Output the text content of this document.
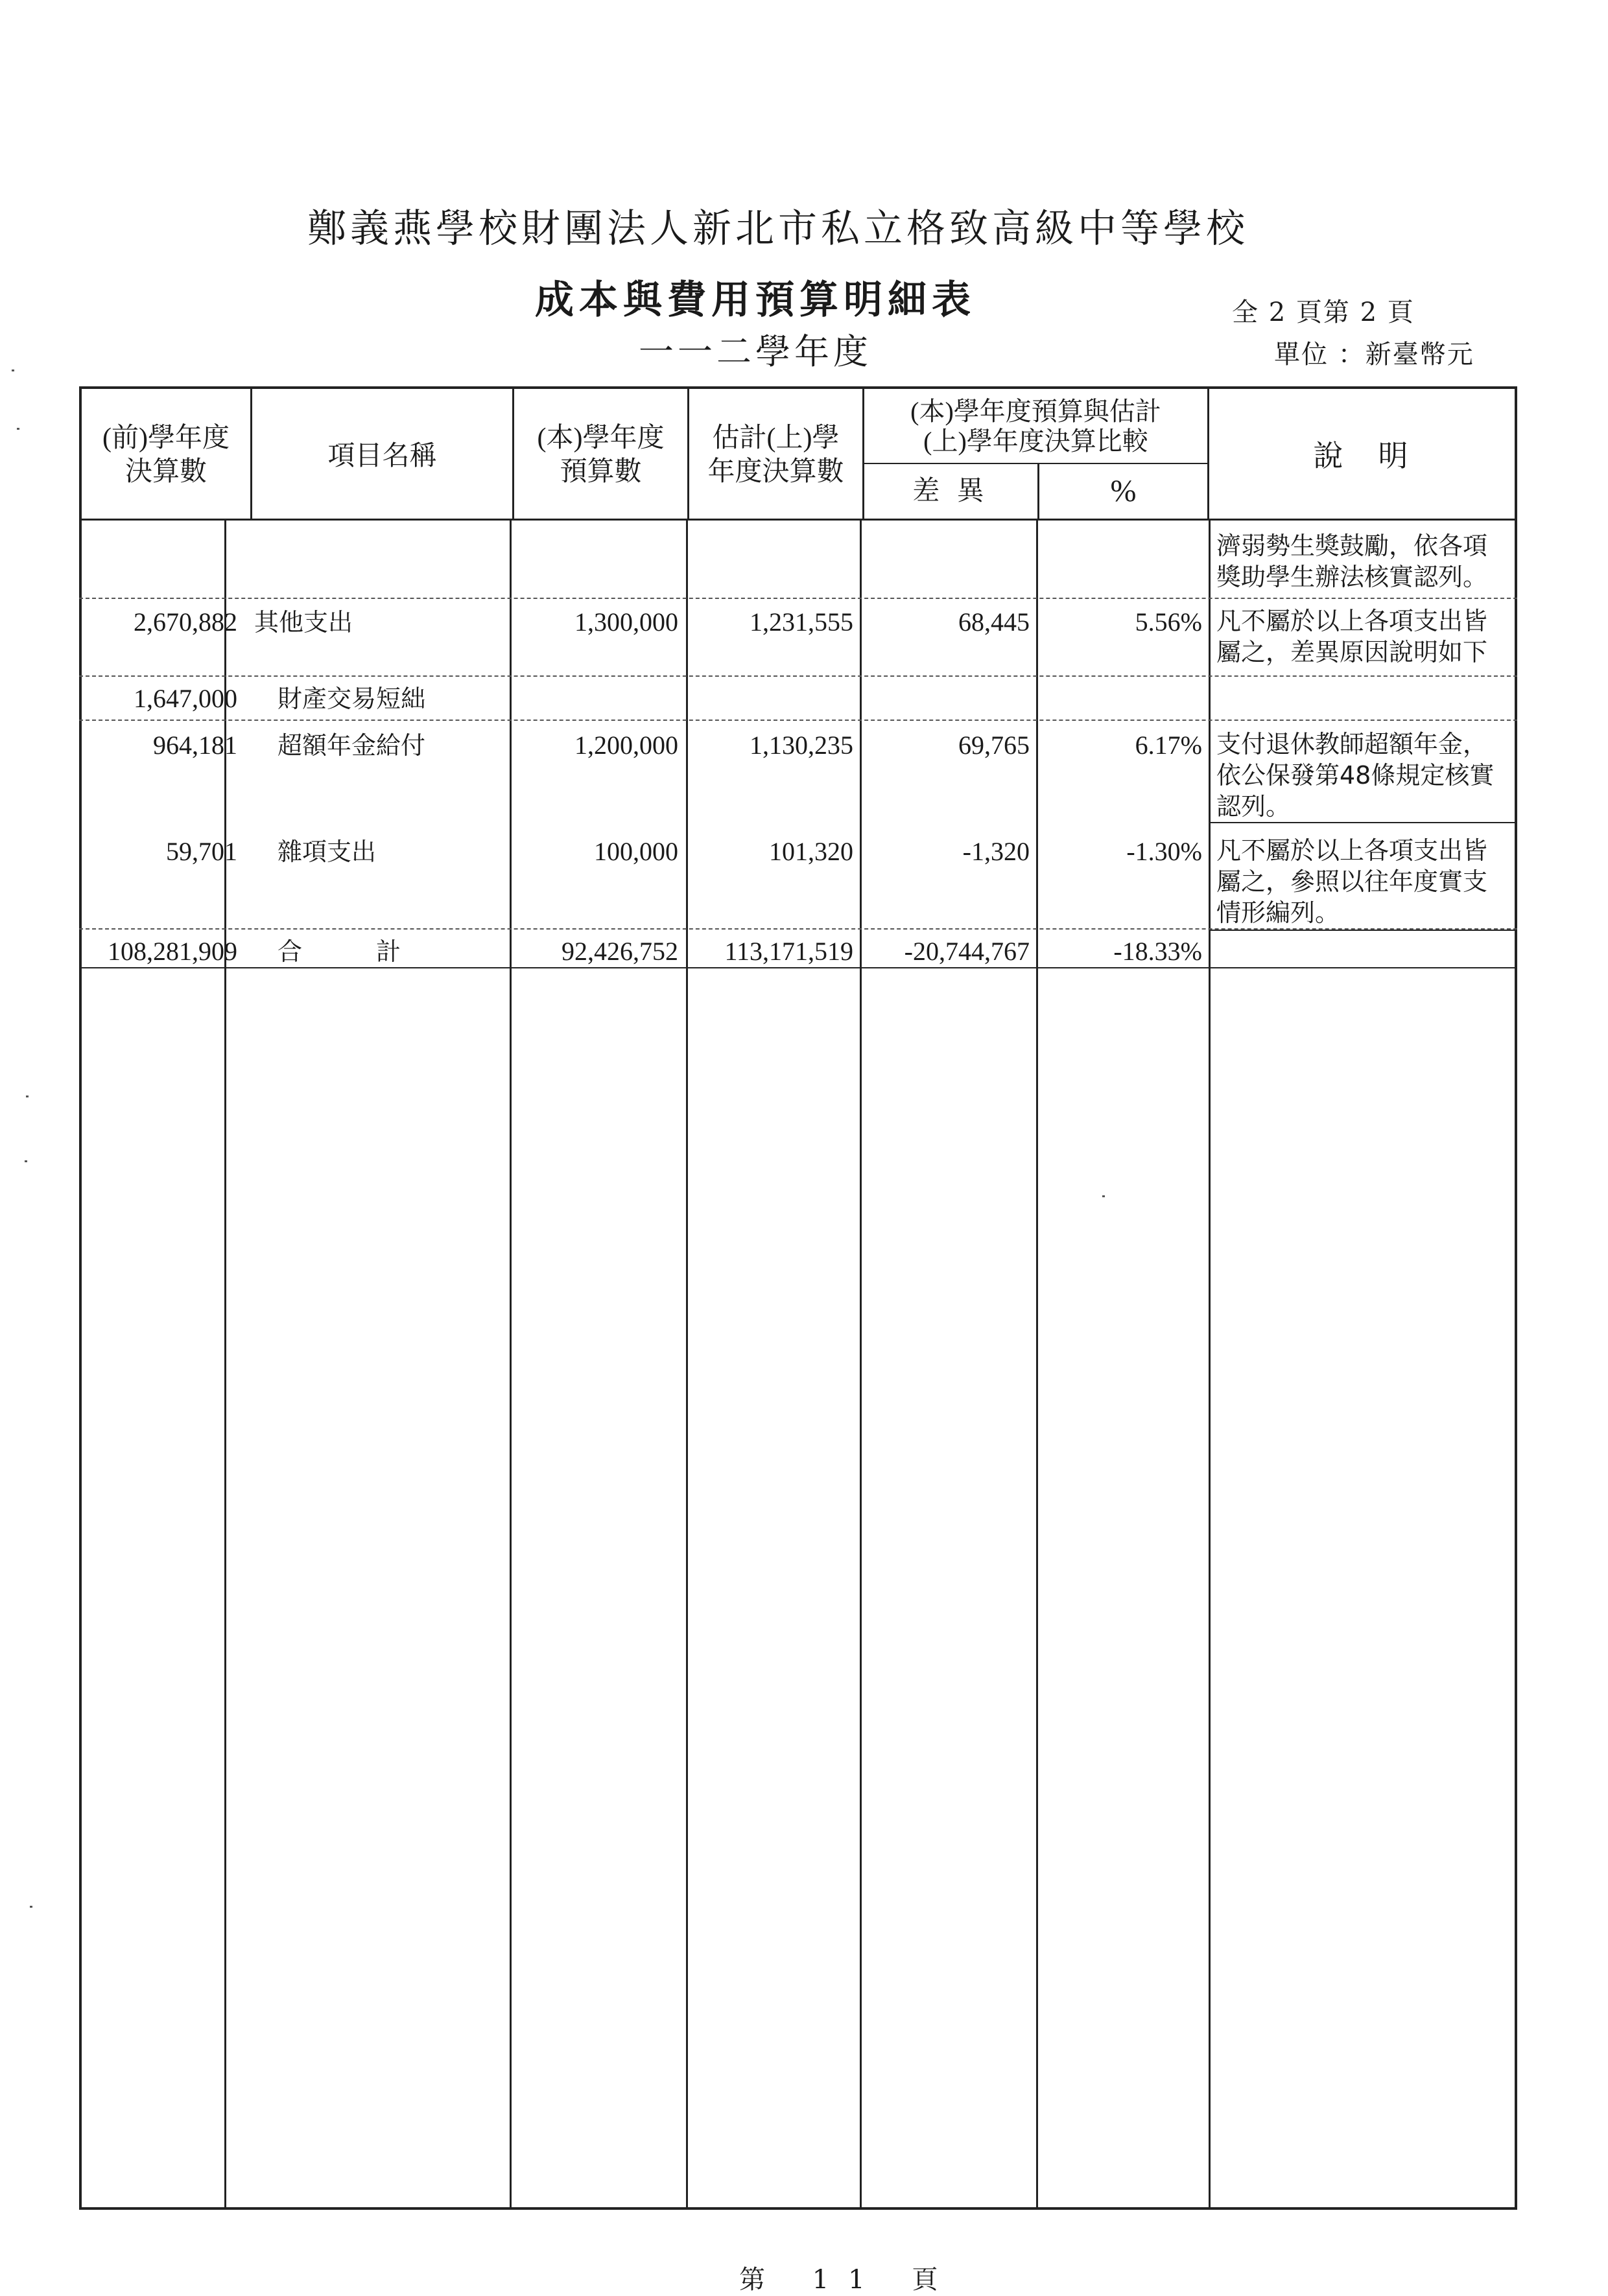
鄭義燕學校財團法人新北市私立格致高級中等學校
成本與費用預算明細表
一一二學年度
全 2 頁第 2 頁
單位 ：新臺幣元
(前)學年度
決算數
項目名稱
(本)學年度
預算數
估計(上)學
年度決算數
(本)學年度預算與估計
(上)學年度決算比較
差 異	%
說　明
濟弱勢生獎鼓勵，依各項
獎助學生辦法核實認列。
2,670,882 其他支出	1,300,000	1,231,555	68,445	5.56% 凡不屬於以上各項支出皆
屬之，差異原因說明如下
1,647,000 財產交易短絀
964,181 超額年金給付	1,200,000	1,130,235	69,765	6.17% 支付退休教師超額年金，
依公保發第48條規定核實
認列。
59,701 雜項支出	100,000	101,320	-1,320	-1.30% 凡不屬於以上各項支出皆
屬之，參照以往年度實支
情形編列。
108,281,909 合　　　計	92,426,752	113,171,519	-20,744,767	-18.33%
第 11 頁
